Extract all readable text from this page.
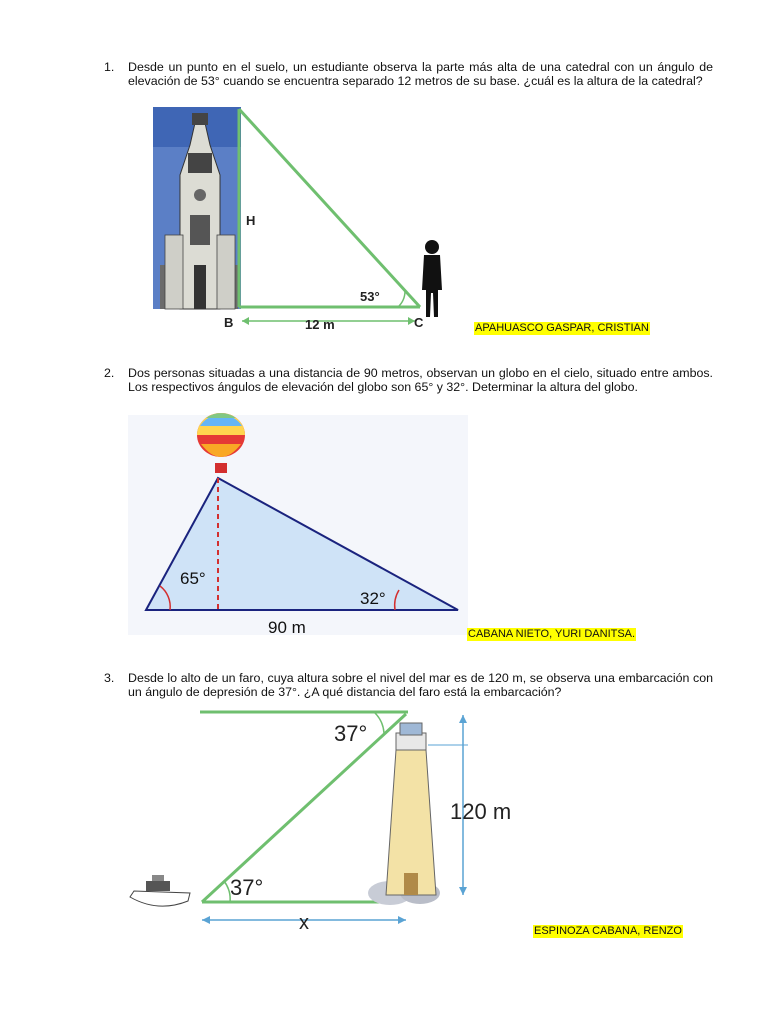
1. Desde un punto en el suelo, un estudiante observa la parte más alta de una catedral con un ángulo de elevación de 53° cuando se encuentra separado 12 metros de su base. ¿cuál es la altura de la catedral?
H
53°
12 m
B	C	APAHUASCO GASPAR, CRISTIAN
2. Dos personas situadas a una distancia de 90 metros, observan un globo en el cielo, situado entre ambos. Los respectivos ángulos de elevación del globo son 65° y 32°. Determinar la altura del globo.
65°
32°
90 m	CABANA NIETO, YURI DANITSA.
3. Desde lo alto de un faro, cuya altura sobre el nivel del mar es de 120 m, se observa una embarcación con un ángulo de depresión de 37°. ¿A qué distancia del faro está la embarcación?
37°
37°
120 m
x	ESPINOZA CABANA, RENZO
